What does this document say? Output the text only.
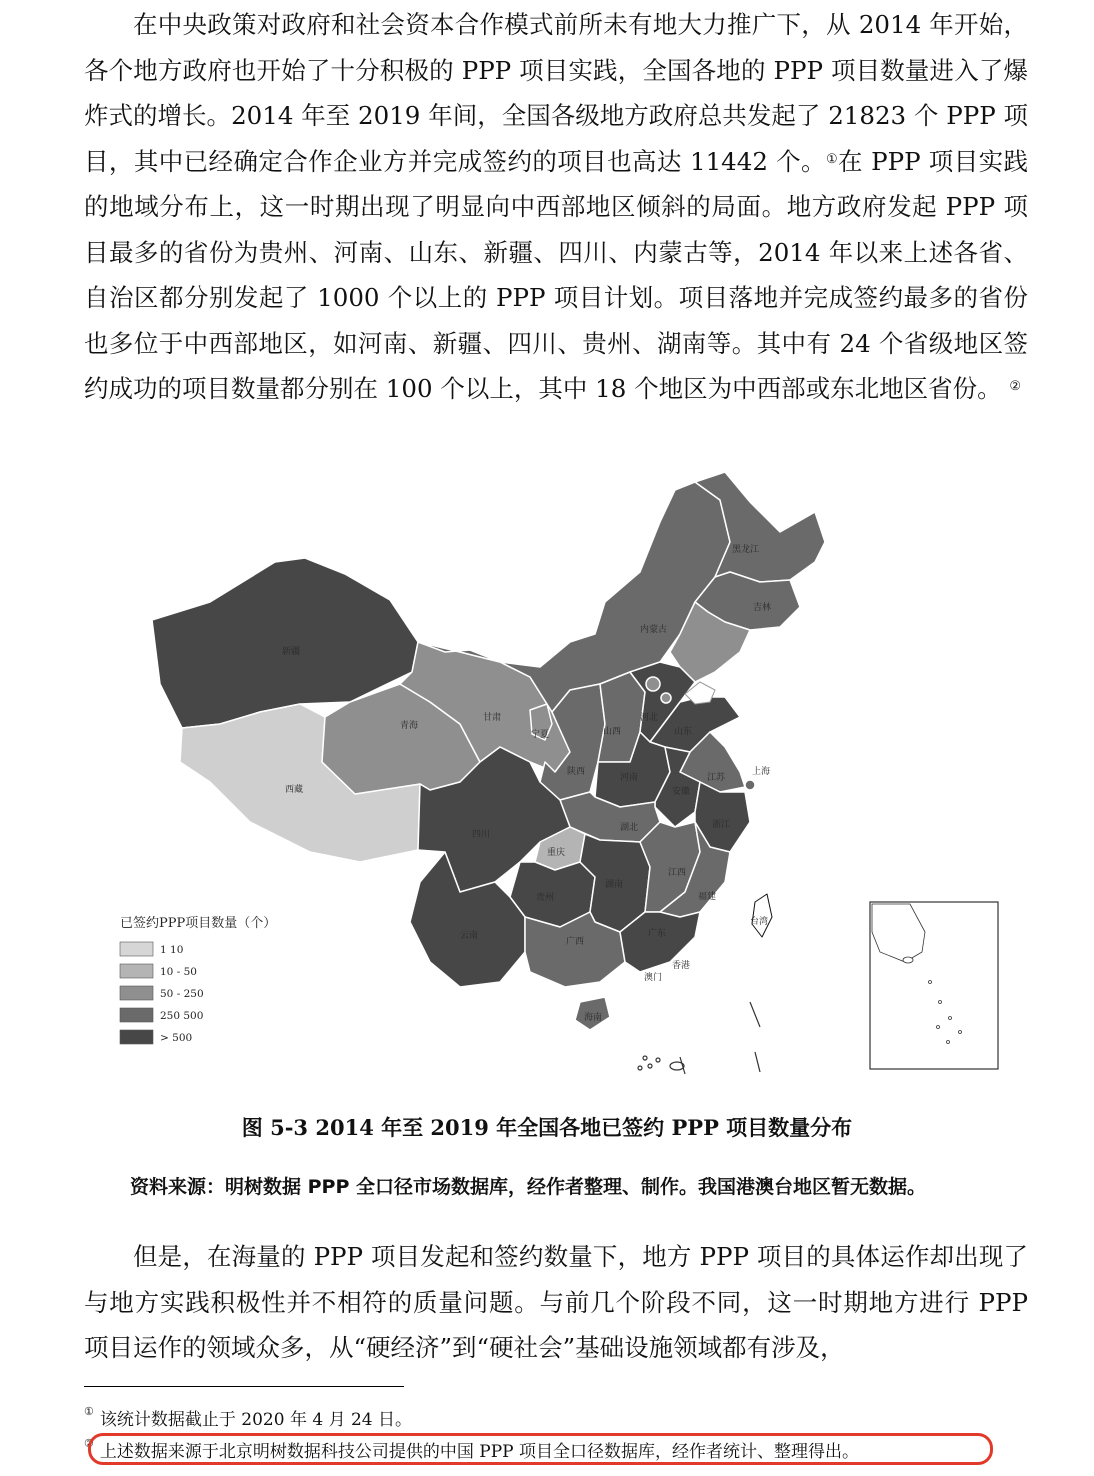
在中央政策对政府和社会资本合作模式前所未有地大力推广下，从 2014 年开始，各个地方政府也开始了十分积极的 PPP 项目实践，全国各地的 PPP 项目数量进入了爆炸式的增长。2014 年至 2019 年间，全国各级地方政府总共发起了 21823 个 PPP 项目，其中已经确定合作企业方并完成签约的项目也高达 11442 个。①在 PPP 项目实践的地域分布上，这一时期出现了明显向中西部地区倾斜的局面。地方政府发起 PPP 项目最多的省份为贵州、河南、山东、新疆、四川、内蒙古等，2014 年以来上述各省、自治区都分别发起了 1000 个以上的 PPP 项目计划。项目落地并完成签约最多的省份也多位于中西部地区，如河南、新疆、四川、贵州、湖南等。其中有 24 个省级地区签约成功的项目数量都分别在 100 个以上，其中 18 个地区为中西部或东北地区省份。 ②

新疆
西藏
青海
甘肃
内蒙古
黑龙江
吉林
宁夏	山西
河北
山东
陕西
河南	江苏
安徽
上海
四川
重庆
湖北	浙江
贵州
湖南
江西
福建
云南
广西
广东
台湾
海南
澳门
香港
已签约PPP项目数量（个）
1 10
10 - 50
50 - 250
250 500
> 500
图 5-3 2014 年至 2019 年全国各地已签约 PPP 项目数量分布
资料来源：明树数据 PPP 全口径市场数据库，经作者整理、制作。我国港澳台地区暂无数据。

但是，在海量的 PPP 项目发起和签约数量下，地方 PPP 项目的具体运作却出现了与地方实践积极性并不相符的质量问题。与前几个阶段不同，这一时期地方进行 PPP 项目运作的领域众多，从“硬经济”到“硬社会”基础设施领域都有涉及，

① 该统计数据截止于 2020 年 4 月 24 日。
② 上述数据来源于北京明树数据科技公司提供的中国 PPP 项目全口径数据库，经作者统计、整理得出。
